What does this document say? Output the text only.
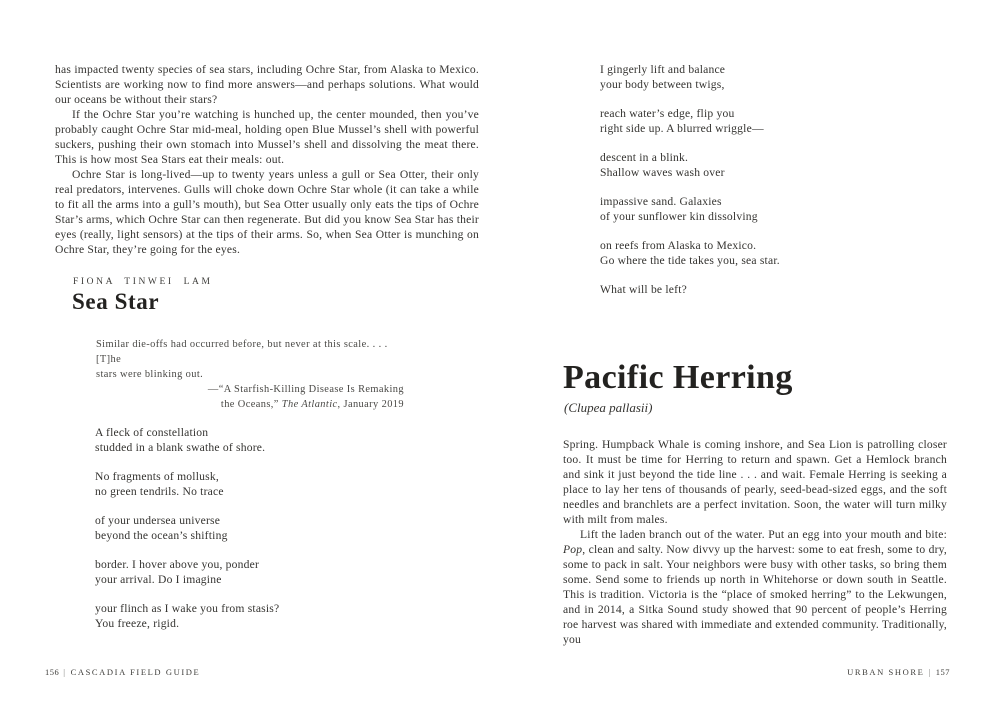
has impacted twenty species of sea stars, including Ochre Star, from Alaska to Mexico. Scientists are working now to find more answers—and perhaps solutions. What would our oceans be without their stars?

If the Ochre Star you’re watching is hunched up, the center mounded, then you’ve probably caught Ochre Star mid-meal, holding open Blue Mussel’s shell with powerful suckers, pushing their own stomach into Mussel’s shell and dissolving the meat there. This is how most Sea Stars eat their meals: out.

Ochre Star is long-lived—up to twenty years unless a gull or Sea Otter, their only real predators, intervenes. Gulls will choke down Ochre Star whole (it can take a while to fit all the arms into a gull’s mouth), but Sea Otter usually only eats the tips of Ochre Star’s arms, which Ochre Star can then regenerate. But did you know Sea Star has their eyes (really, light sensors) at the tips of their arms. So, when Sea Otter is munching on Ochre Star, they’re going for the eyes.

FIONA TINWEI LAM
Sea Star
Similar die-offs had occurred before, but never at this scale. . . . [T]he
stars were blinking out.
—“A Starfish-Killing Disease Is Remaking
the Oceans,” The Atlantic, January 2019
A fleck of constellation
studded in a blank swathe of shore.
No fragments of mollusk,
no green tendrils. No trace
of your undersea universe
beyond the ocean’s shifting
border. I hover above you, ponder
your arrival. Do I imagine
your flinch as I wake you from stasis?
You freeze, rigid.
I gingerly lift and balance
your body between twigs,
reach water’s edge, flip you
right side up. A blurred wriggle—
descent in a blink.
Shallow waves wash over
impassive sand. Galaxies
of your sunflower kin dissolving
on reefs from Alaska to Mexico.
Go where the tide takes you, sea star.
What will be left?
Pacific Herring
(Clupea pallasii)

Spring. Humpback Whale is coming inshore, and Sea Lion is patrolling closer too. It must be time for Herring to return and spawn. Get a Hemlock branch and sink it just beyond the tide line . . . and wait. Female Herring is seeking a place to lay her tens of thousands of pearly, seed-bead-sized eggs, and the soft needles and branchlets are a perfect invitation. Soon, the water will turn milky with milt from males.

Lift the laden branch out of the water. Put an egg into your mouth and bite: Pop, clean and salty. Now divvy up the harvest: some to eat fresh, some to dry, some to pack in salt. Your neighbors were busy with other tasks, so bring them some. Send some to friends up north in Whitehorse or down south in Seattle. This is tradition. Victoria is the “place of smoked herring” to the Lekwungen, and in 2014, a Sitka Sound study showed that 90 percent of people’s Herring roe harvest was shared with immediate and extended community. Traditionally, you

156 | CASCADIA FIELD GUIDE	URBAN SHORE | 157
